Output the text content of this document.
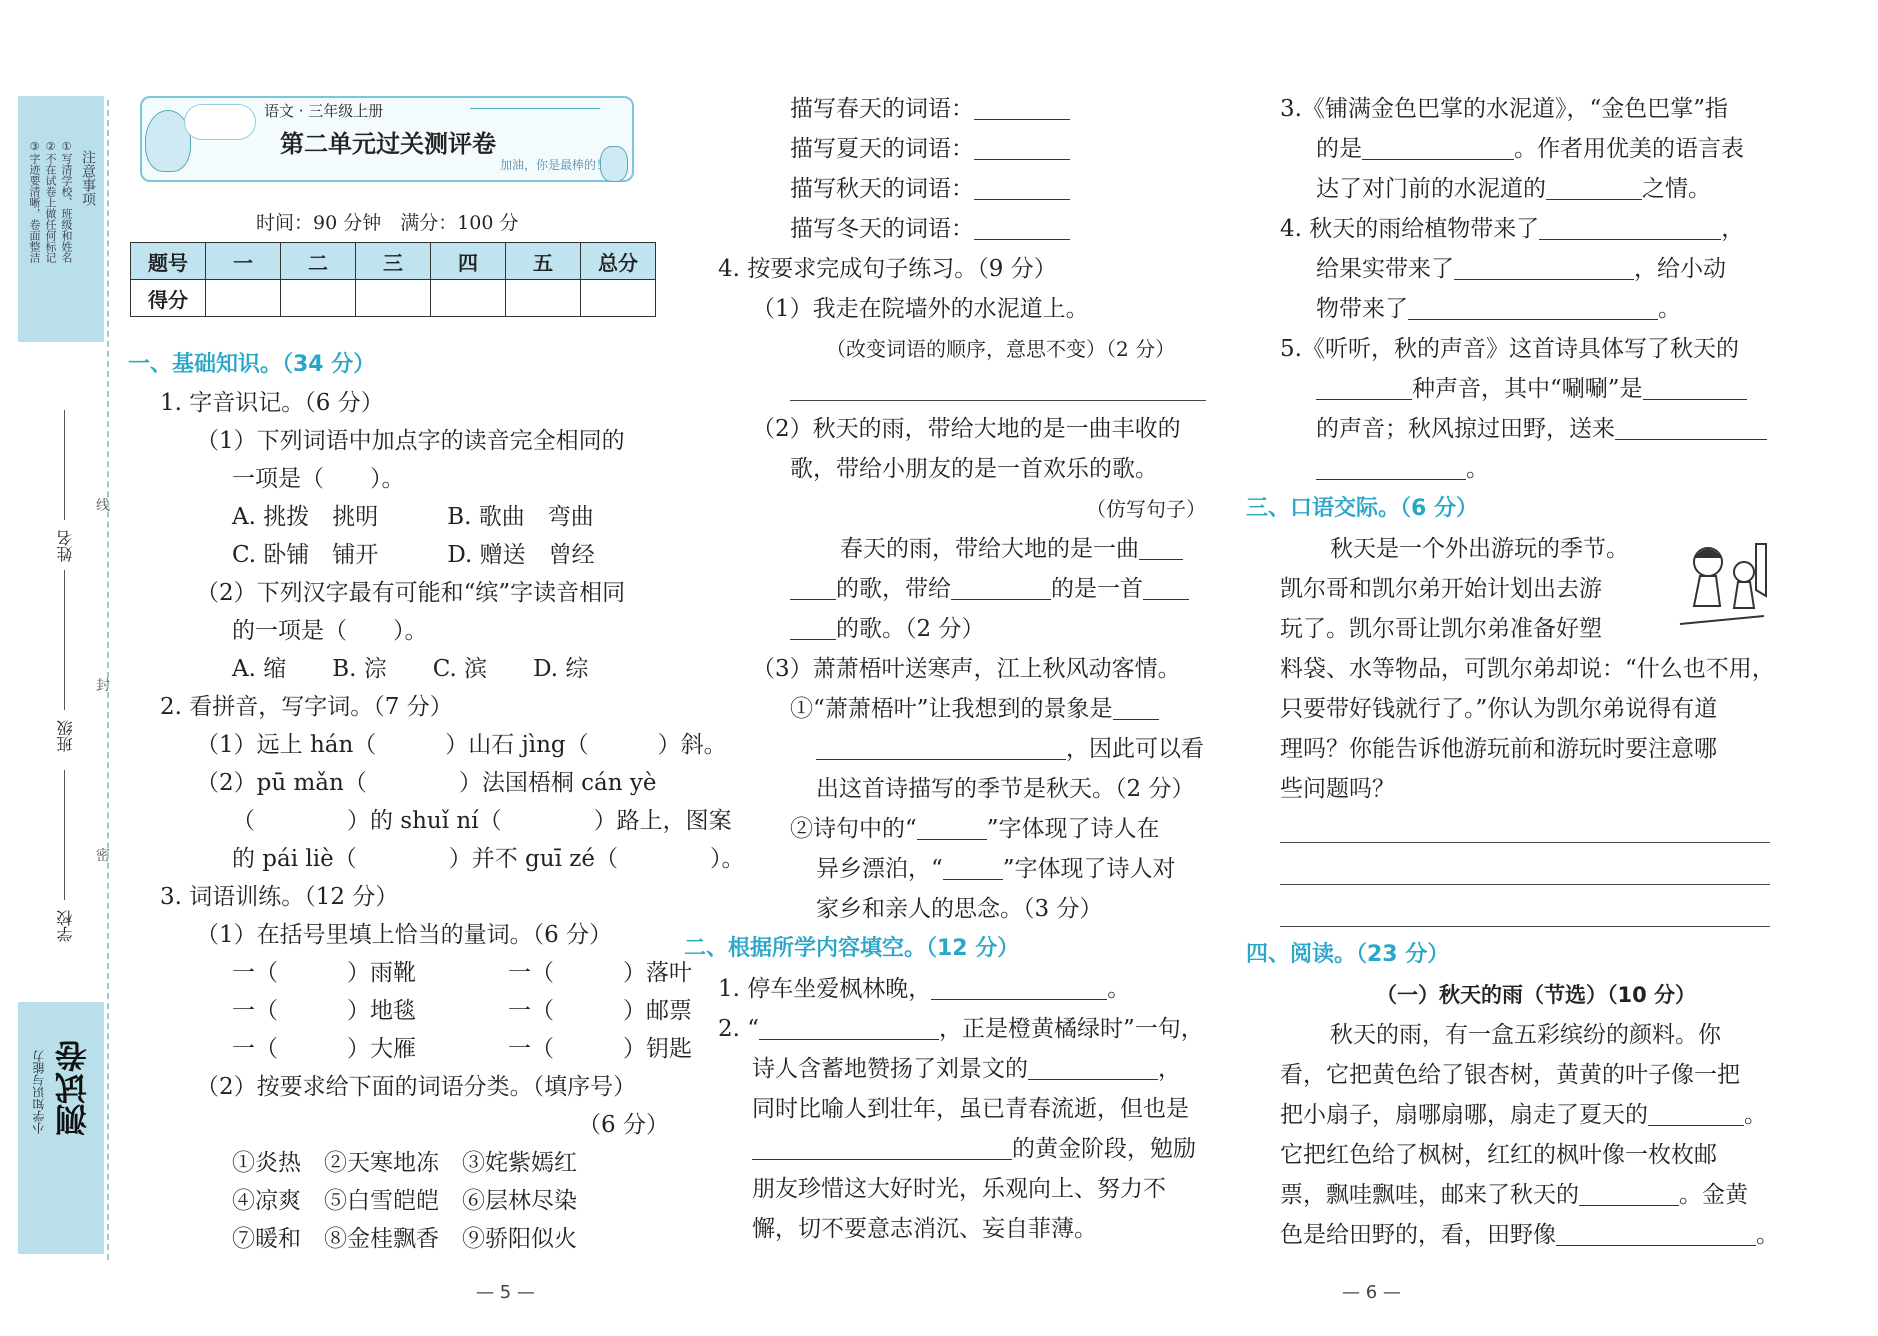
注意事项
①写清学校、班级和姓名
②不在试卷上做任何标记
③字迹要清晰，卷面整洁
姓名
班级
学校
线
封
密
小学知识与能力 测试卷
语文 · 三年级上册
第二单元过关测评卷
加油，你是最棒的！
时间：90 分钟　满分：100 分
题号	一	二	三	四	五	总分
得分						
一、基础知识。（34 分）
1. 字音识记。（6 分）
（1）下列词语中加点字的读音完全相同的
一项是（　　）。
A. 挑拨　挑明　　　B. 歌曲　弯曲
C. 卧铺　铺开　　　D. 赠送　曾经
（2）下列汉字最有可能和“缤”字读音相同
的一项是（　　）。
A. 缩　　B. 淙　　C. 滨　　D. 综
2. 看拼音，写字词。（7 分）
（1）远上 hán（　　　）山石 jìng（　　　）斜。
（2）pū mǎn（　　　　）法国梧桐 cán yè
（　　　　）的 shuǐ ní（　　　　）路上，图案
的 pái liè（　　　　）并不 guī zé（　　　　）。
3. 词语训练。（12 分）
（1）在括号里填上恰当的量词。（6 分）
一（　　　）雨靴　　　　一（　　　）落叶
一（　　　）地毯　　　　一（　　　）邮票
一（　　　）大雁　　　　一（　　　）钥匙
（2）按要求给下面的词语分类。（填序号）
（6 分）
①炎热　②天寒地冻　③姹紫嫣红
④凉爽　⑤白雪皑皑　⑥层林尽染
⑦暖和　⑧金桂飘香　⑨骄阳似火
描写春天的词语：
描写夏天的词语：
描写秋天的词语：
描写冬天的词语：
4. 按要求完成句子练习。（9 分）
（1）我走在院墙外的水泥道上。
（改变词语的顺序，意思不变）（2 分）
（2）秋天的雨，带给大地的是一曲丰收的
歌，带给小朋友的是一首欢乐的歌。
（仿写句子）
春天的雨，带给大地的是一曲
的歌，带给	的是一首
的歌。（2 分）
（3）萧萧梧叶送寒声，江上秋风动客情。
①“萧萧梧叶”让我想到的景象是
，因此可以看
出这首诗描写的季节是秋天。（2 分）
②诗句中的“	”字体现了诗人在
异乡漂泊，“	”字体现了诗人对
家乡和亲人的思念。（3 分）
二、根据所学内容填空。（12 分）
1. 停车坐爱枫林晚，	。
2. “	，正是橙黄橘绿时”一句，
诗人含蓄地赞扬了刘景文的	，
同时比喻人到壮年，虽已青春流逝，但也是
的黄金阶段，勉励
朋友珍惜这大好时光，乐观向上、努力不
懈，切不要意志消沉、妄自菲薄。
3.《铺满金色巴掌的水泥道》，“金色巴掌”指
的是	。作者用优美的语言表
达了对门前的水泥道的	之情。
4. 秋天的雨给植物带来了	，
给果实带来了	，给小动
物带来了	。
5.《听听，秋的声音》这首诗具体写了秋天的
种声音，其中“唰唰”是
的声音；秋风掠过田野，送来
。
三、口语交际。（6 分）
秋天是一个外出游玩的季节。
凯尔哥和凯尔弟开始计划出去游
玩了。凯尔哥让凯尔弟准备好塑
料袋、水等物品，可凯尔弟却说：“什么也不用，
只要带好钱就行了。”你认为凯尔弟说得有道
理吗？你能告诉他游玩前和游玩时要注意哪
些问题吗？
四、阅读。（23 分）
（一）秋天的雨（节选）（10 分）
秋天的雨，有一盒五彩缤纷的颜料。你
看，它把黄色给了银杏树，黄黄的叶子像一把
把小扇子，扇哪扇哪，扇走了夏天的	。
它把红色给了枫树，红红的枫叶像一枚枚邮
票，飘哇飘哇，邮来了秋天的	。金黄
色是给田野的，看，田野像	。
— 5 —	— 6 —
